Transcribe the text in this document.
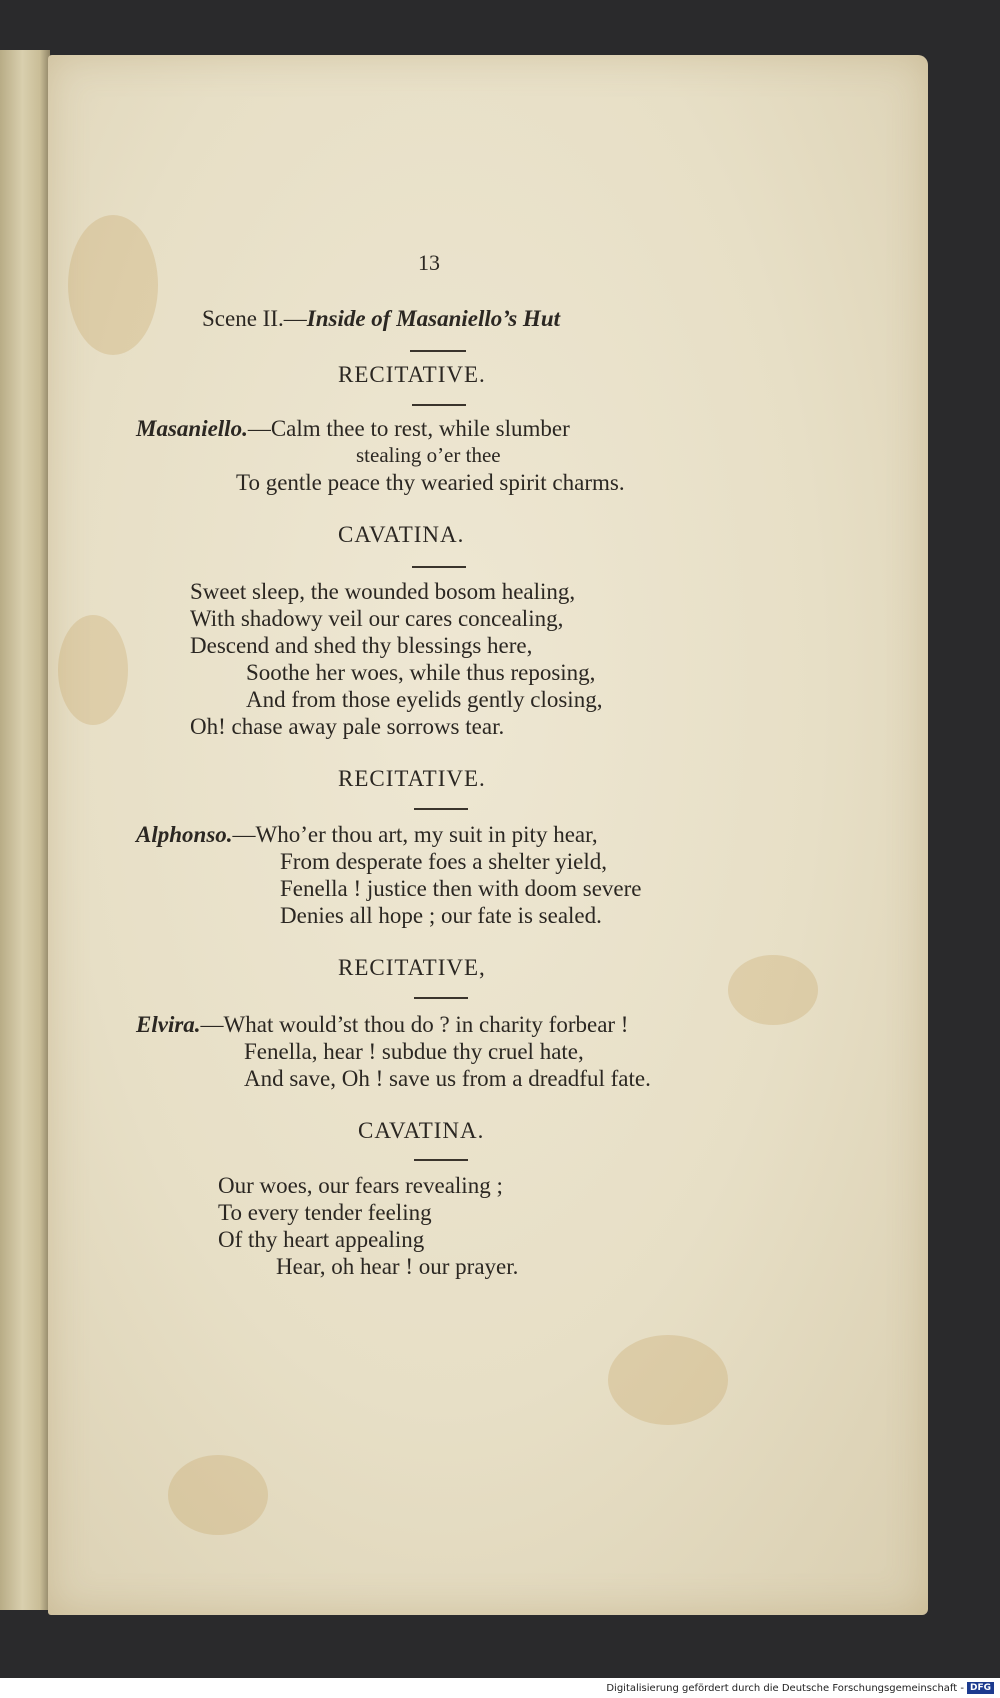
13
Scene II.—Inside of Masaniello’s Hut
RECITATIVE.
Masaniello.—Calm thee to rest, while slumber
stealing o’er thee
To gentle peace thy wearied spirit charms.
CAVATINA.
Sweet sleep, the wounded bosom healing,
With shadowy veil our cares concealing,
Descend and shed thy blessings here,
Soothe her woes, while thus reposing,
And from those eyelids gently closing,
Oh! chase away pale sorrows tear.
RECITATIVE.
Alphonso.—Who’er thou art, my suit in pity hear,
From desperate foes a shelter yield,
Fenella ! justice then with doom severe
Denies all hope ; our fate is sealed.
RECITATIVE,
Elvira.—What would’st thou do ? in charity forbear !
Fenella, hear ! subdue thy cruel hate,
And save, Oh ! save us from a dreadful fate.
CAVATINA.
Our woes, our fears revealing ;
To every tender feeling
Of thy heart appealing
Hear, oh hear ! our prayer.
Digitalisierung gefördert durch die Deutsche Forschungsgemeinschaft - DFG
